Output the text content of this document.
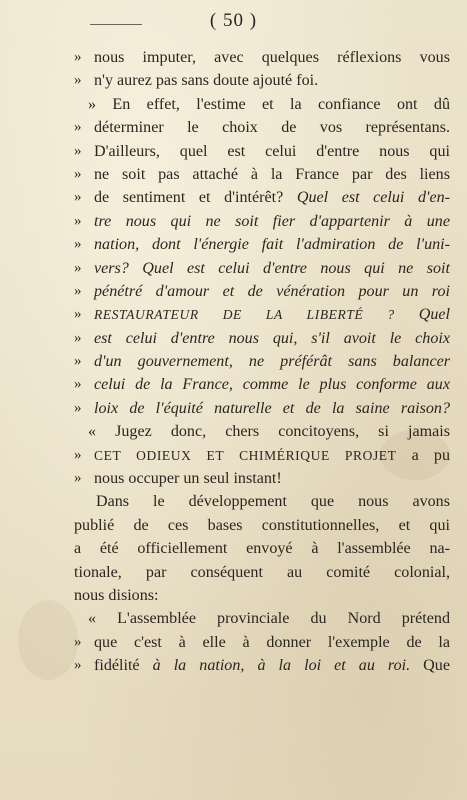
( 50 )
» nous imputer, avec quelques réflexions vous
» n'y aurez pas sans doute ajouté foi.
» En effet, l'estime et la confiance ont dû
» déterminer le choix de vos représentans.
» D'ailleurs, quel est celui d'entre nous qui
» ne soit pas attaché à la France par des liens
» de sentiment et d'intérêt? Quel est celui d'en-
» tre nous qui ne soit fier d'appartenir à une
» nation, dont l'énergie fait l'admiration de l'uni-
» vers? Quel est celui d'entre nous qui ne soit
» pénétré d'amour et de vénération pour un roi
» RESTAURATEUR DE LA LIBERTÉ ? Quel
» est celui d'entre nous qui, s'il avoit le choix
» d'un gouvernement, ne préférât sans balancer
» celui de la France, comme le plus conforme aux
» loix de l'équité naturelle et de la saine raison?
« Jugez donc, chers concitoyens, si jamais
» CET ODIEUX ET CHIMÉRIQUE PROJET a pu
» nous occuper un seul instant!
Dans le développement que nous avons
publié de ces bases constitutionnelles, et qui
a été officiellement envoyé à l'assemblée na-
tionale, par conséquent au comité colonial,
nous disions:
« L'assemblée provinciale du Nord prétend
» que c'est à elle à donner l'exemple de la
» fidélité à la nation, à la loi et au roi. Que
